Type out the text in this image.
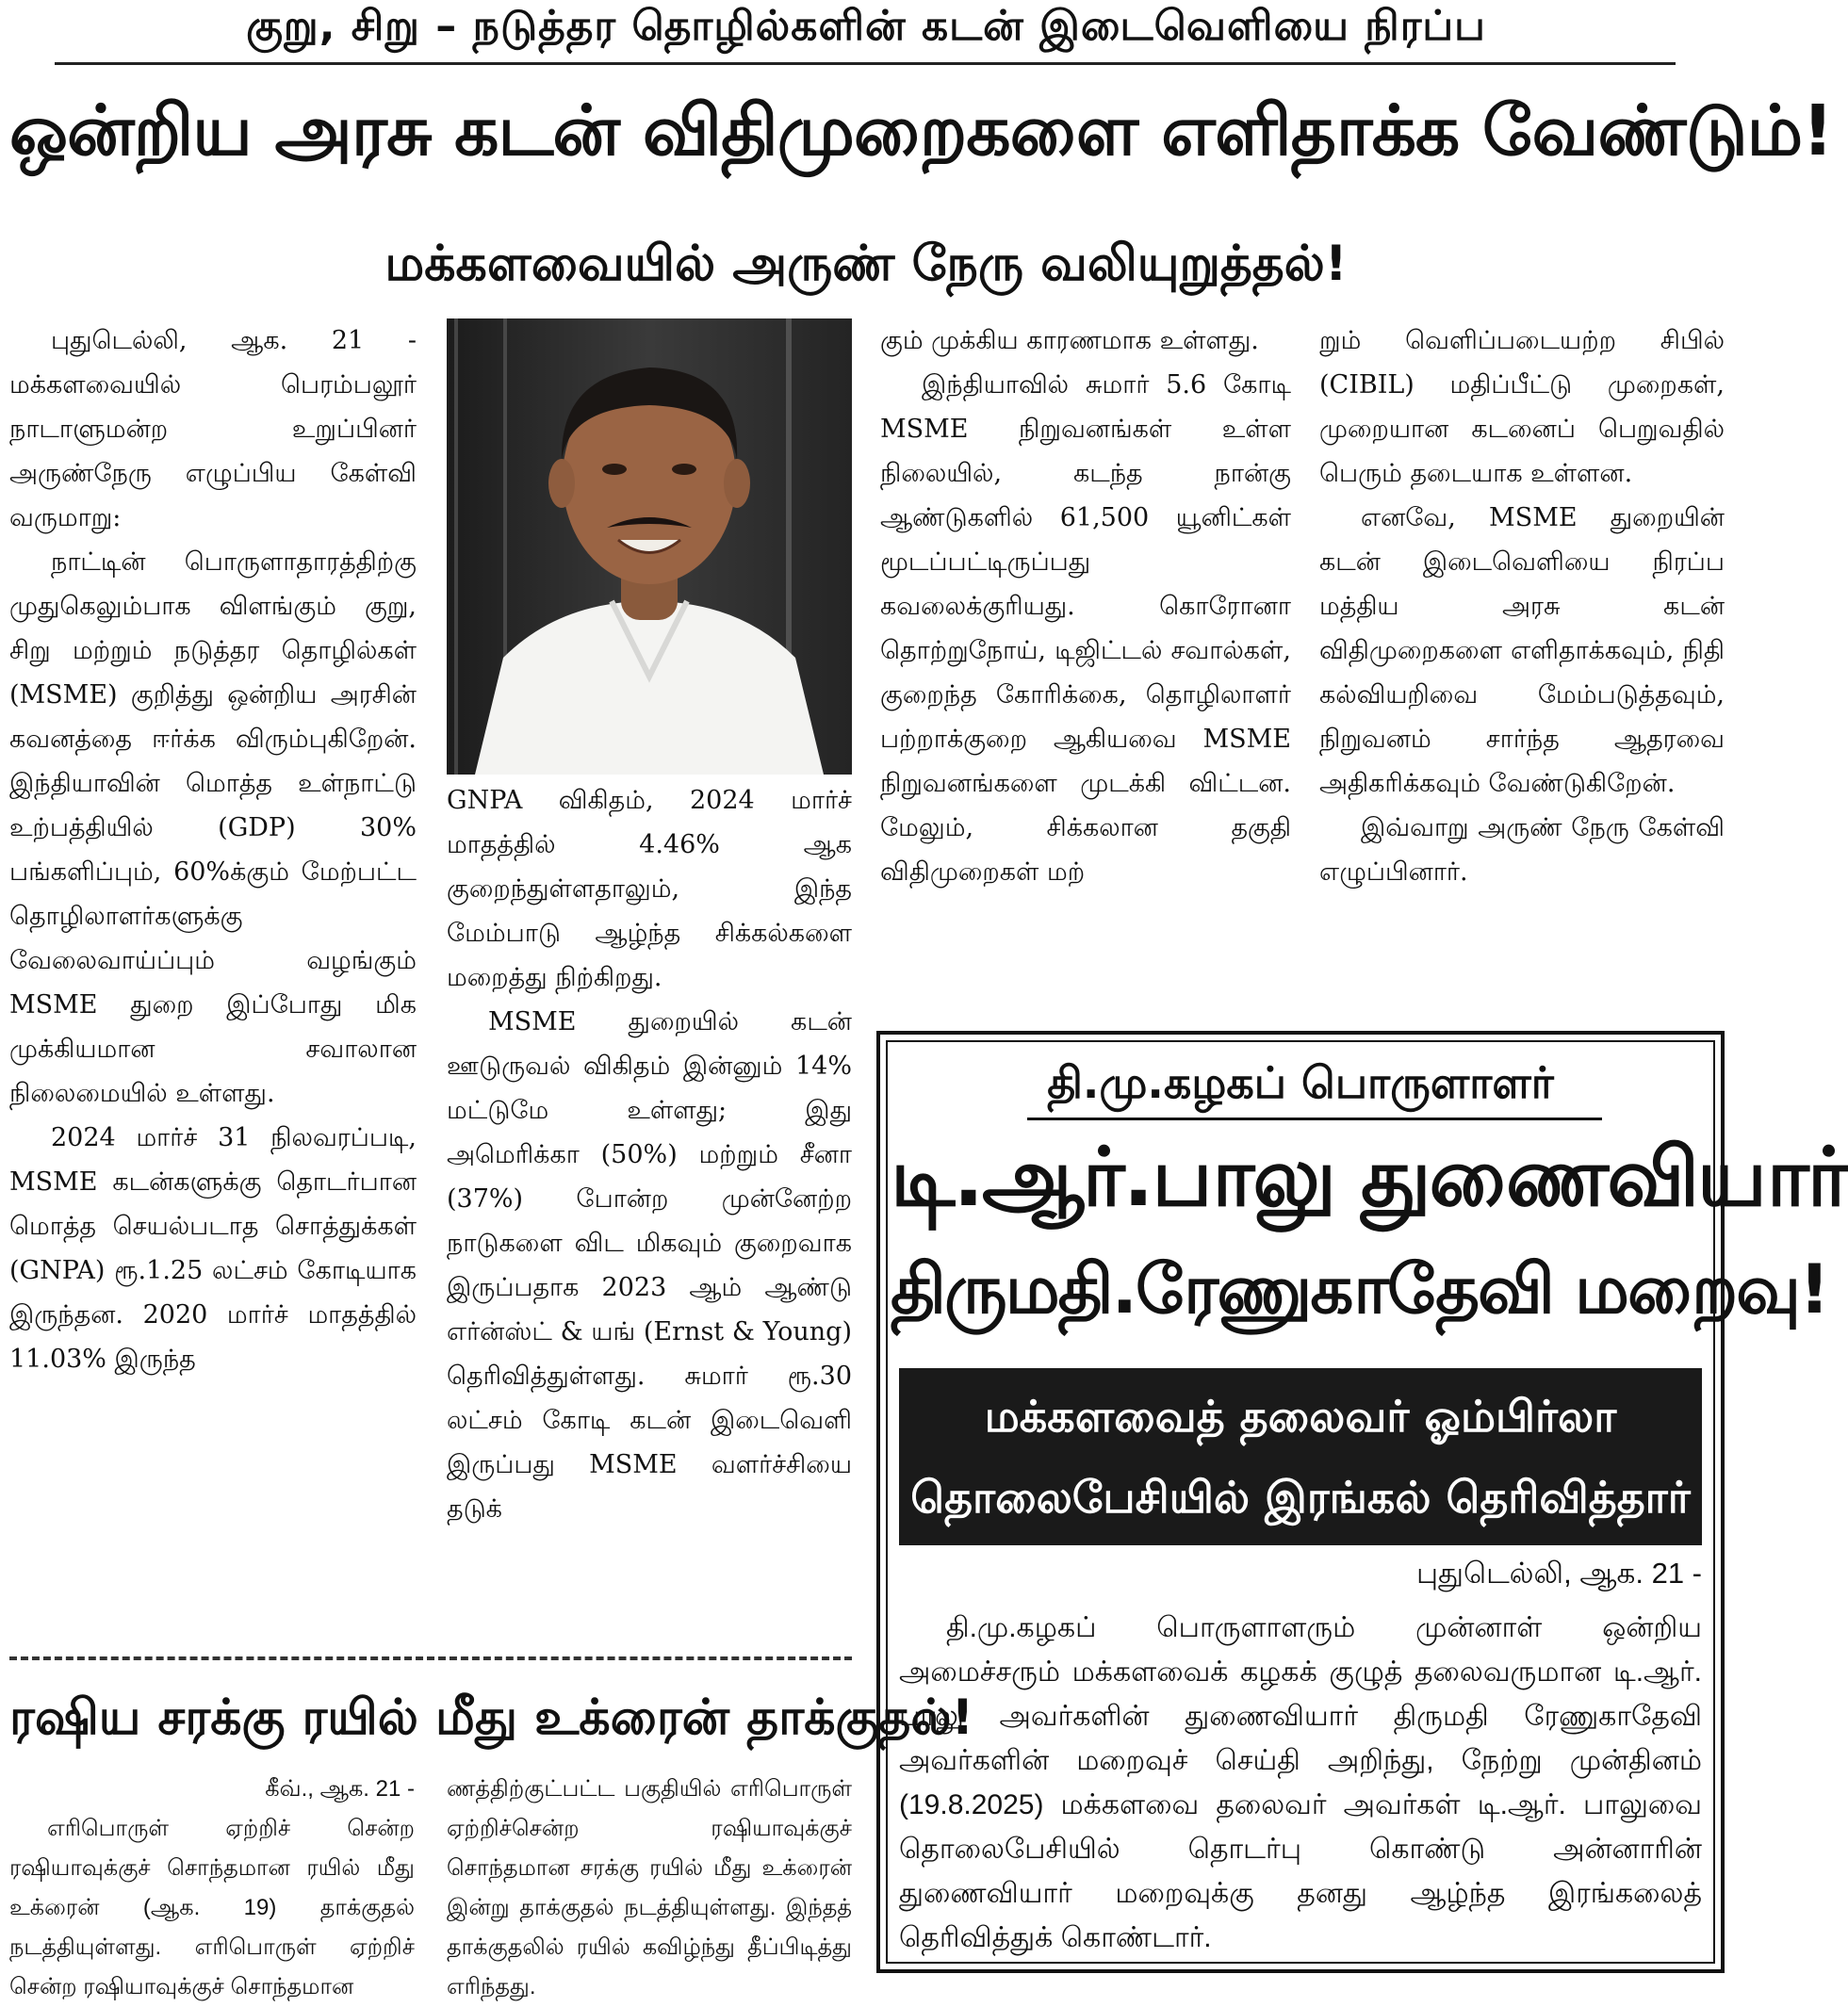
குறு, சிறு – நடுத்தர தொழில்களின் கடன் இடைவெளியை நிரப்ப
ஒன்றிய அரசு கடன் விதிமுறைகளை எளிதாக்க வேண்டும்!
மக்களவையில் அருண் நேரு வலியுறுத்தல்!

புதுடெல்லி, ஆக. 21 - மக்களவையில் பெரம்பலூர் நாடாளுமன்ற உறுப்பினர் அருண்நேரு எழுப்பிய கேள்வி வருமாறு:

நாட்டின் பொருளாதாரத்திற்கு முதுகெலும்பாக விளங்கும் குறு, சிறு மற்றும் நடுத்தர தொழில்கள் (MSME) குறித்து ஒன்றிய அரசின் கவனத்தை ஈர்க்க விரும்புகிறேன். இந்தியாவின் மொத்த உள்நாட்டு உற்பத்தியில் (GDP) 30% பங்களிப்பும், 60%க்கும் மேற்பட்ட தொழிலாளர்களுக்கு வேலைவாய்ப்பும் வழங்கும் MSME துறை இப்போது மிக முக்கியமான சவாலான நிலைமையில் உள்ளது.

2024 மார்ச் 31 நிலவரப்படி, MSME கடன்களுக்கு தொடர்பான மொத்த செயல்படாத சொத்துக்கள் (GNPA) ரூ.1.25 லட்சம் கோடியாக இருந்தன. 2020 மார்ச் மாதத்தில் 11.03% இருந்த

GNPA விகிதம், 2024 மார்ச் மாதத்தில் 4.46% ஆக குறைந்துள்ளதாலும், இந்த மேம்பாடு ஆழ்ந்த சிக்கல்களை மறைத்து நிற்கிறது.

MSME துறையில் கடன் ஊடுருவல் விகிதம் இன்னும் 14% மட்டுமே உள்ளது; இது அமெரிக்கா (50%) மற்றும் சீனா (37%) போன்ற முன்னேற்ற நாடுகளை விட மிகவும் குறைவாக இருப்பதாக 2023 ஆம் ஆண்டு எர்ன்ஸ்ட் & யங் (Ernst & Young) தெரிவித்துள்ளது. சுமார் ரூ.30 லட்சம் கோடி கடன் இடைவெளி இருப்பது MSME வளர்ச்சியை தடுக்

கும் முக்கிய காரணமாக உள்ளது.

இந்தியாவில் சுமார் 5.6 கோடி MSME நிறுவனங்கள் உள்ள நிலையில், கடந்த நான்கு ஆண்டுகளில் 61,500 யூனிட்கள் மூடப்பட்டிருப்பது கவலைக்குரியது. கொரோனா தொற்றுநோய், டிஜிட்டல் சவால்கள், குறைந்த கோரிக்கை, தொழிலாளர் பற்றாக்குறை ஆகியவை MSME நிறுவனங்களை முடக்கி விட்டன. மேலும், சிக்கலான தகுதி விதிமுறைகள் மற்

றும் வெளிப்படையற்ற சிபில் (CIBIL) மதிப்பீட்டு முறைகள், முறையான கடனைப் பெறுவதில் பெரும் தடையாக உள்ளன.

எனவே, MSME துறையின் கடன் இடைவெளியை நிரப்ப மத்திய அரசு கடன் விதிமுறைகளை எளிதாக்கவும், நிதி கல்வியறிவை மேம்படுத்தவும், நிறுவனம் சார்ந்த ஆதரவை அதிகரிக்கவும் வேண்டுகிறேன்.

இவ்வாறு அருண் நேரு கேள்வி எழுப்பினார்.

ரஷிய சரக்கு ரயில் மீது உக்ரைன் தாக்குதல்!

கீவ்., ஆக. 21 -

எரிபொருள் ஏற்றிச் சென்ற ரஷியாவுக்குச் சொந்தமான ரயில் மீது உக்ரைன் (ஆக. 19) தாக்குதல் நடத்தியுள்ளது. எரிபொருள் ஏற்றிச் சென்ற ரஷியாவுக்குச் சொந்தமான

ணத்திற்குட்பட்ட பகுதியில் எரிபொருள் ஏற்றிச்சென்ற ரஷியாவுக்குச் சொந்தமான சரக்கு ரயில் மீது உக்ரைன் இன்று தாக்குதல் நடத்தியுள்ளது. இந்தத் தாக்குதலில் ரயில் கவிழ்ந்து தீப்பிடித்து எரிந்தது.

தி.மு.கழகப் பொருளாளர்
டி.ஆர்.பாலு துணைவியார்
திருமதி.ரேணுகாதேவி மறைவு!
மக்களவைத் தலைவர் ஓம்பிர்லா
தொலைபேசியில் இரங்கல் தெரிவித்தார்
புதுடெல்லி, ஆக. 21 -

தி.மு.கழகப் பொருளாளரும் முன்னாள் ஒன்றிய அமைச்சரும் மக்களவைக் கழகக் குழுத் தலைவருமான டி.ஆர். பாலு அவர்களின் துணைவியார் திருமதி ரேணுகாதேவி அவர்களின் மறைவுச் செய்தி அறிந்து, நேற்று முன்தினம் (19.8.2025) மக்களவை தலைவர் அவர்கள் டி.ஆர். பாலுவை தொலைபேசியில் தொடர்பு கொண்டு அன்னாரின் துணைவியார் மறைவுக்கு தனது ஆழ்ந்த இரங்கலைத் தெரிவித்துக் கொண்டார்.
